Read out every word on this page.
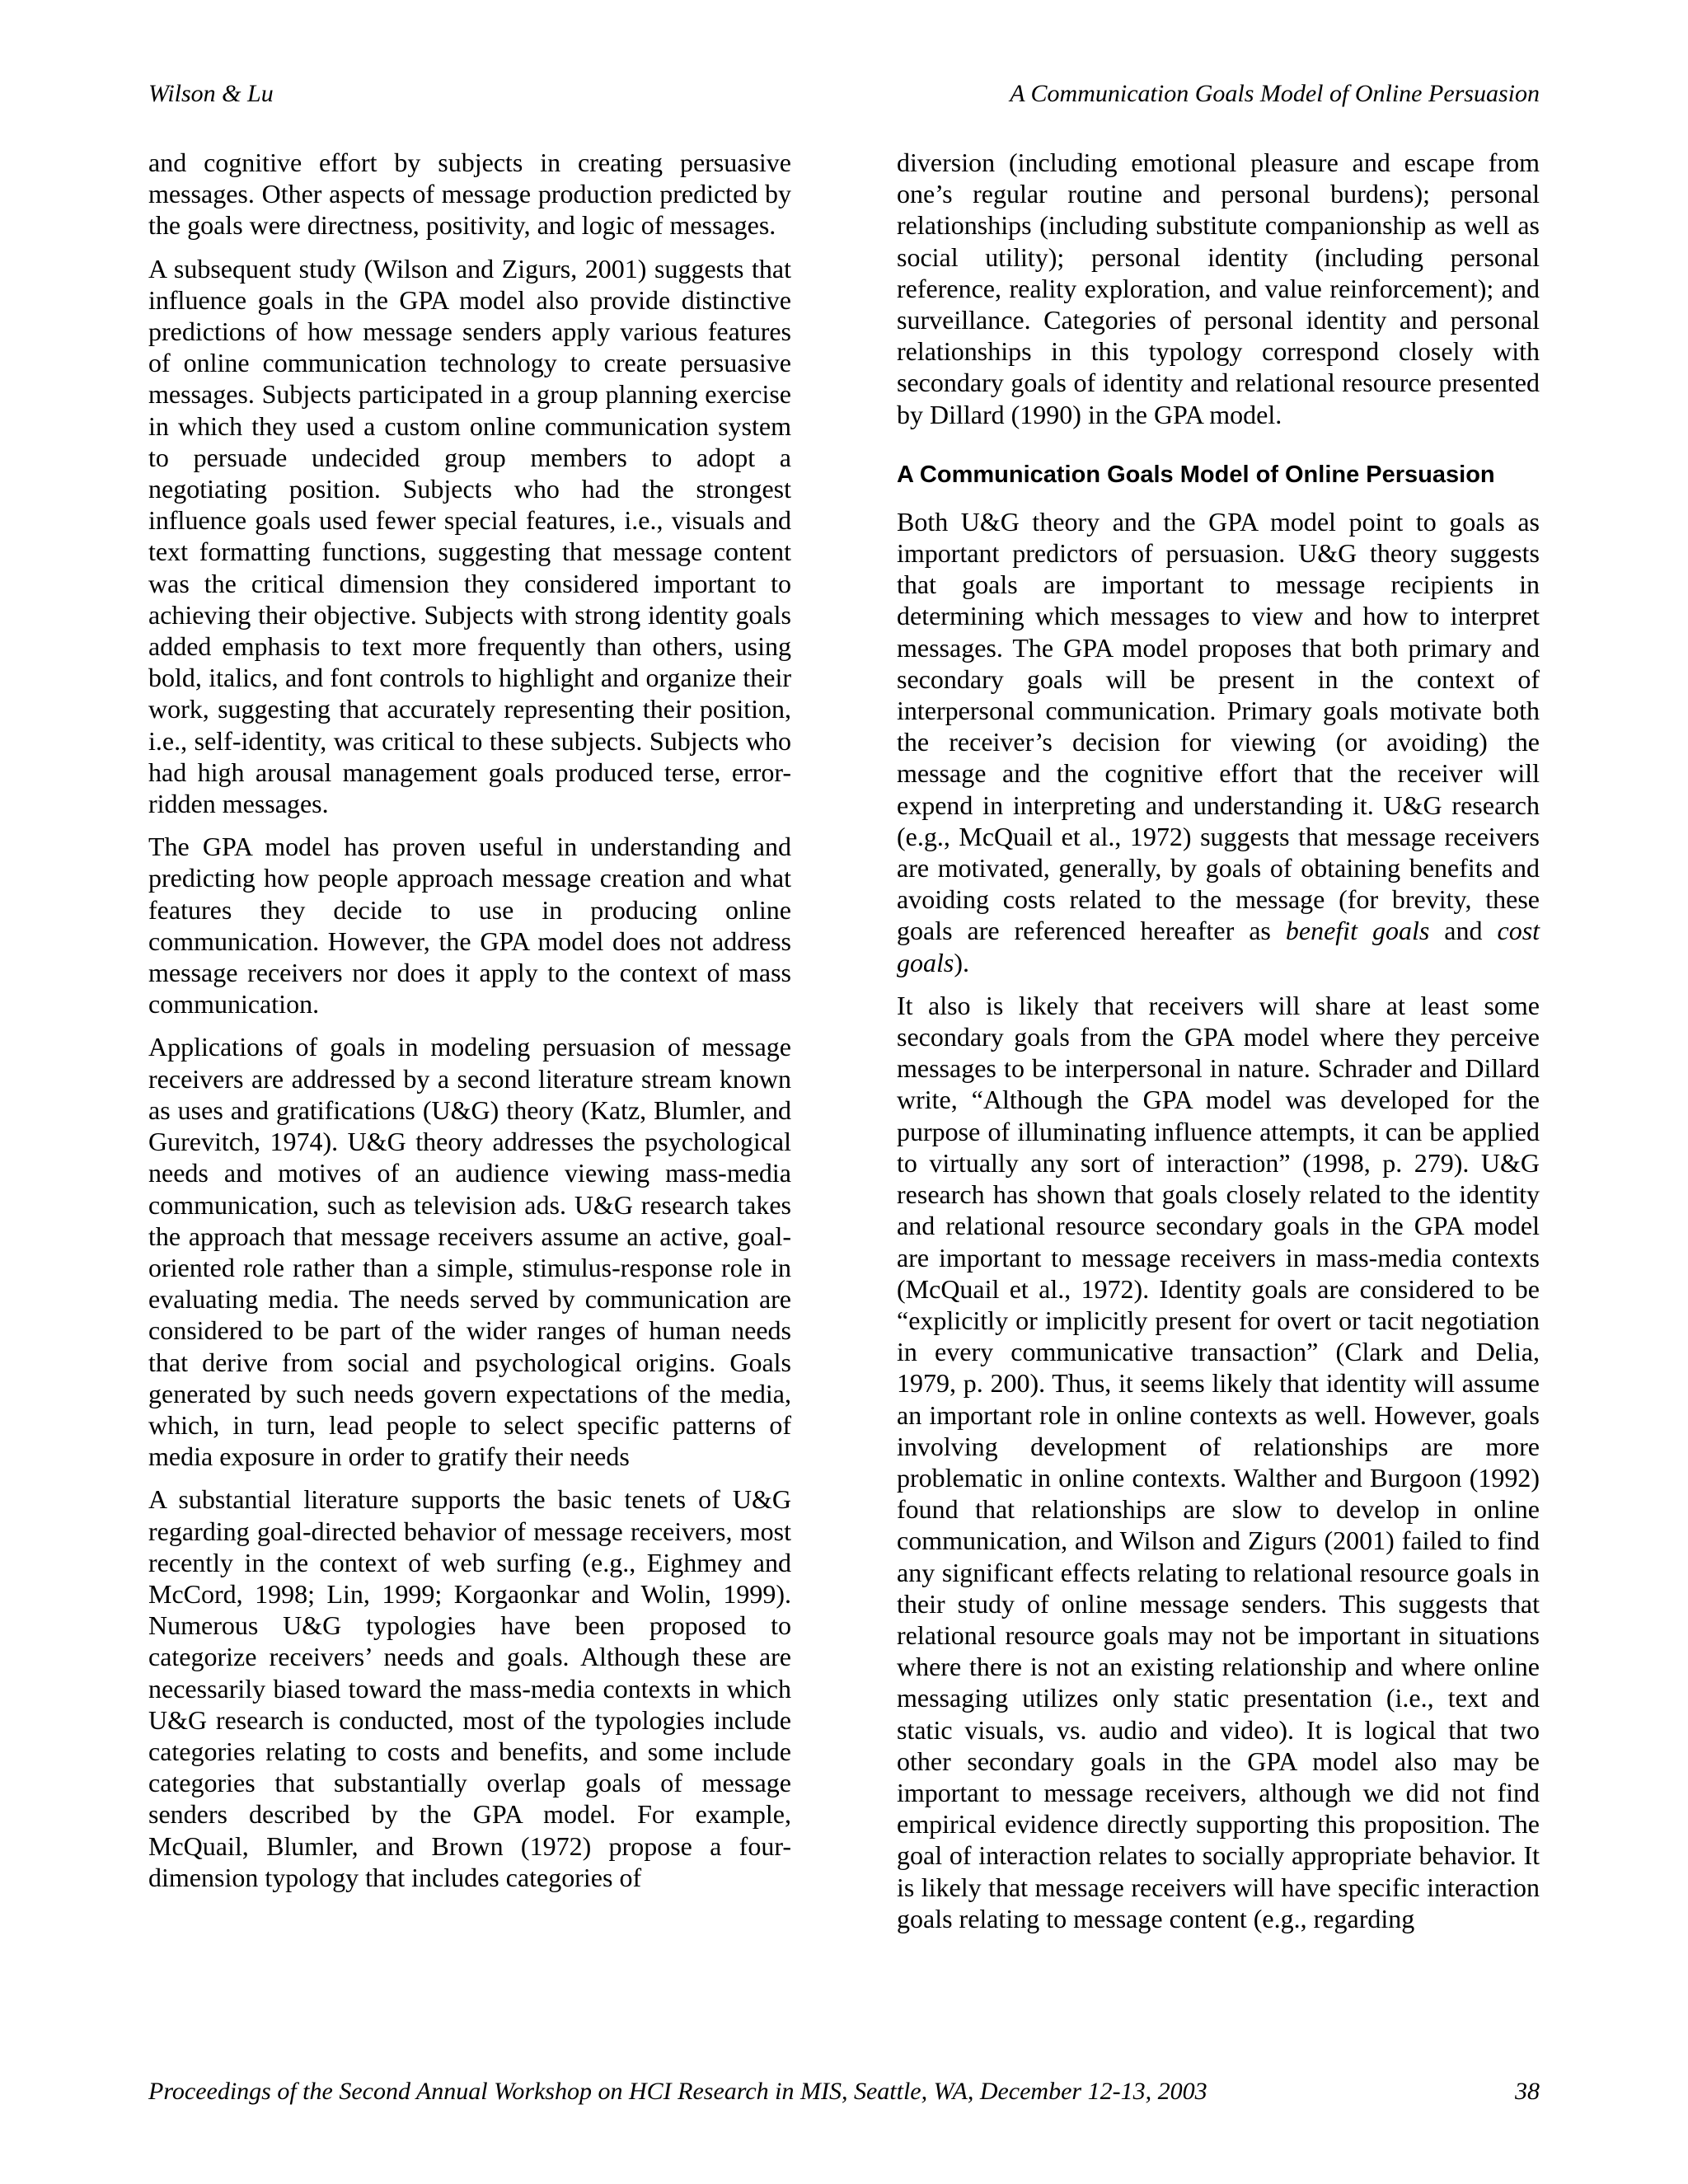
Wilson & Lu	A Communication Goals Model of Online Persuasion

and cognitive effort by subjects in creating persuasive messages. Other aspects of message production predicted by the goals were directness, positivity, and logic of messages.

A subsequent study (Wilson and Zigurs, 2001) suggests that influence goals in the GPA model also provide distinctive predictions of how message senders apply various features of online communication technology to create persuasive messages. Subjects participated in a group planning exercise in which they used a custom online communication system to persuade undecided group members to adopt a negotiating position. Subjects who had the strongest influence goals used fewer special features, i.e., visuals and text formatting functions, suggesting that message content was the critical dimension they considered important to achieving their objective. Subjects with strong identity goals added emphasis to text more frequently than others, using bold, italics, and font controls to highlight and organize their work, suggesting that accurately representing their position, i.e., self-identity, was critical to these subjects. Subjects who had high arousal management goals produced terse, error-ridden messages.

The GPA model has proven useful in understanding and predicting how people approach message creation and what features they decide to use in producing online communication. However, the GPA model does not address message receivers nor does it apply to the context of mass communication.

Applications of goals in modeling persuasion of message receivers are addressed by a second literature stream known as uses and gratifications (U&G) theory (Katz, Blumler, and Gurevitch, 1974). U&G theory addresses the psychological needs and motives of an audience viewing mass-media communication, such as television ads. U&G research takes the approach that message receivers assume an active, goal-oriented role rather than a simple, stimulus-response role in evaluating media. The needs served by communication are considered to be part of the wider ranges of human needs that derive from social and psychological origins. Goals generated by such needs govern expectations of the media, which, in turn, lead people to select specific patterns of media exposure in order to gratify their needs

A substantial literature supports the basic tenets of U&G regarding goal-directed behavior of message receivers, most recently in the context of web surfing (e.g., Eighmey and McCord, 1998; Lin, 1999; Korgaonkar and Wolin, 1999). Numerous U&G typologies have been proposed to categorize receivers’ needs and goals. Although these are necessarily biased toward the mass-media contexts in which U&G research is conducted, most of the typologies include categories relating to costs and benefits, and some include categories that substantially overlap goals of message senders described by the GPA model. For example, McQuail, Blumler, and Brown (1972) propose a four-dimension typology that includes categories of

diversion (including emotional pleasure and escape from one’s regular routine and personal burdens); personal relationships (including substitute companionship as well as social utility); personal identity (including personal reference, reality exploration, and value reinforcement); and surveillance. Categories of personal identity and personal relationships in this typology correspond closely with secondary goals of identity and relational resource presented by Dillard (1990) in the GPA model.

A Communication Goals Model of Online Persuasion

Both U&G theory and the GPA model point to goals as important predictors of persuasion. U&G theory suggests that goals are important to message recipients in determining which messages to view and how to interpret messages. The GPA model proposes that both primary and secondary goals will be present in the context of interpersonal communication. Primary goals motivate both the receiver’s decision for viewing (or avoiding) the message and the cognitive effort that the receiver will expend in interpreting and understanding it. U&G research (e.g., McQuail et al., 1972) suggests that message receivers are motivated, generally, by goals of obtaining benefits and avoiding costs related to the message (for brevity, these goals are referenced hereafter as benefit goals and cost goals).

It also is likely that receivers will share at least some secondary goals from the GPA model where they perceive messages to be interpersonal in nature. Schrader and Dillard write, “Although the GPA model was developed for the purpose of illuminating influence attempts, it can be applied to virtually any sort of interaction” (1998, p. 279). U&G research has shown that goals closely related to the identity and relational resource secondary goals in the GPA model are important to message receivers in mass-media contexts (McQuail et al., 1972). Identity goals are considered to be “explicitly or implicitly present for overt or tacit negotiation in every communicative transaction” (Clark and Delia, 1979, p. 200). Thus, it seems likely that identity will assume an important role in online contexts as well. However, goals involving development of relationships are more problematic in online contexts. Walther and Burgoon (1992) found that relationships are slow to develop in online communication, and Wilson and Zigurs (2001) failed to find any significant effects relating to relational resource goals in their study of online message senders. This suggests that relational resource goals may not be important in situations where there is not an existing relationship and where online messaging utilizes only static presentation (i.e., text and static visuals, vs. audio and video). It is logical that two other secondary goals in the GPA model also may be important to message receivers, although we did not find empirical evidence directly supporting this proposition. The goal of interaction relates to socially appropriate behavior. It is likely that message receivers will have specific interaction goals relating to message content (e.g., regarding

Proceedings of the Second Annual Workshop on HCI Research in MIS, Seattle, WA, December 12-13, 2003	38
